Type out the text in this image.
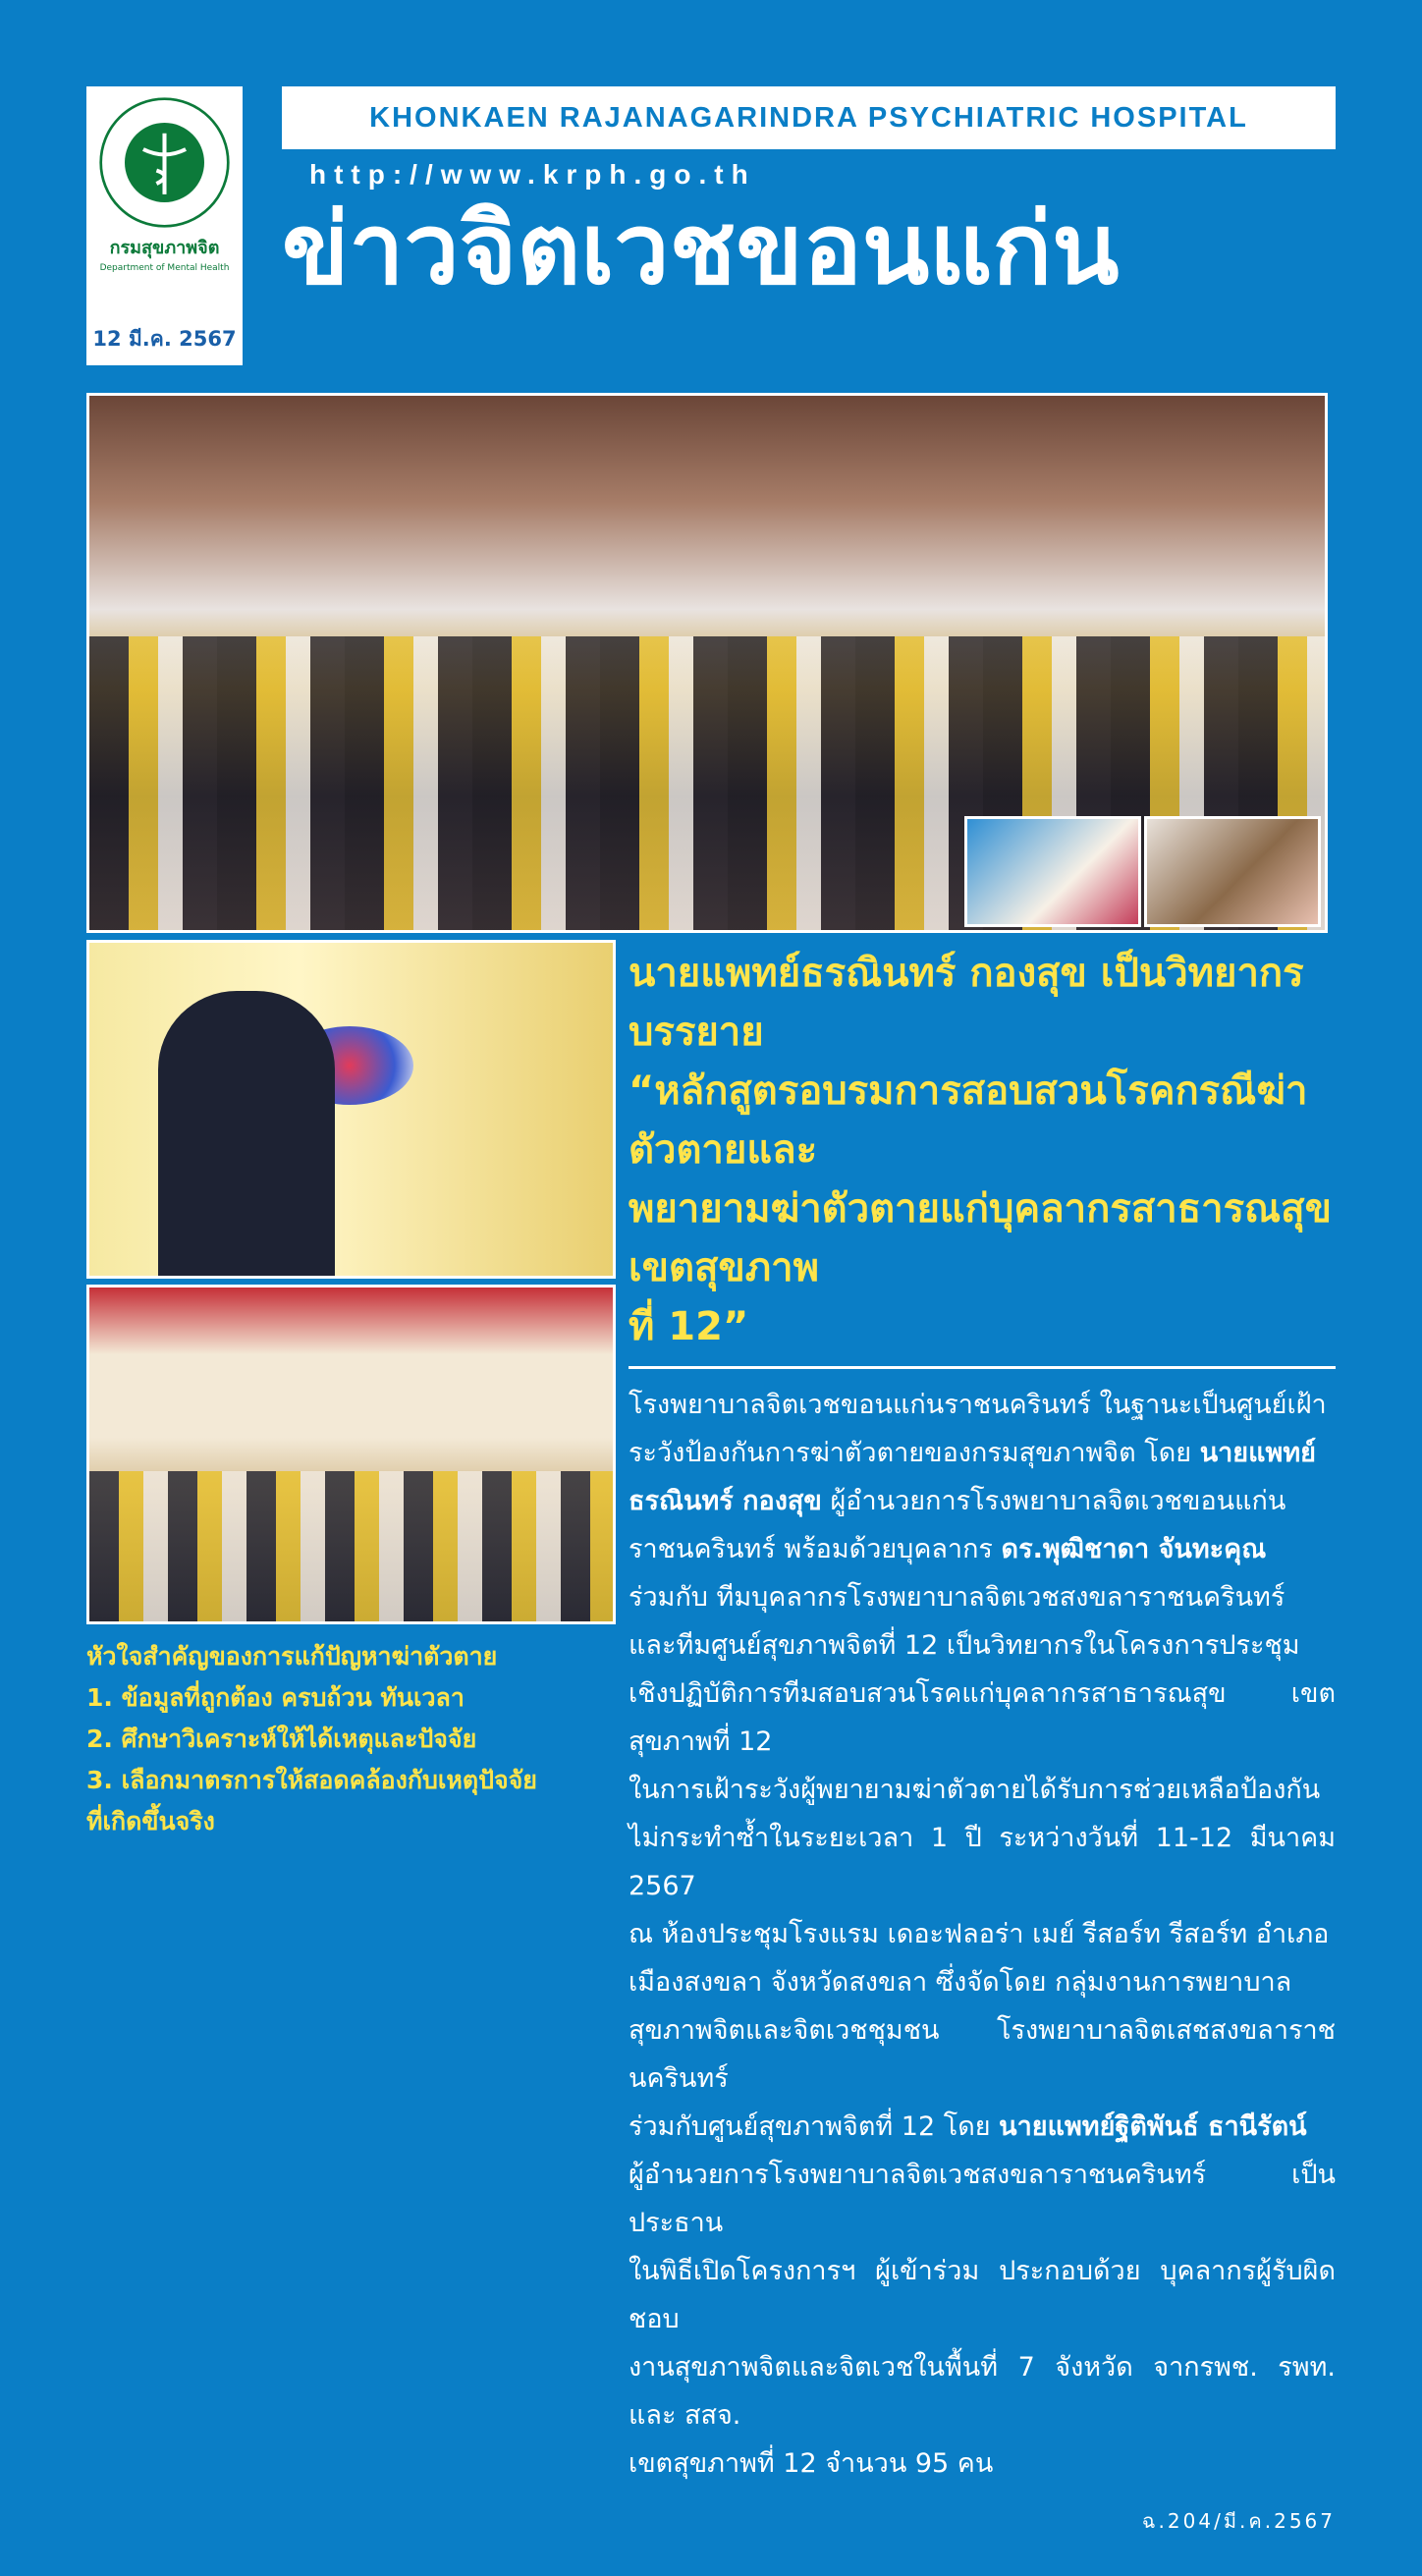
กรมสุขภาพจิต
Department of Mental Health
12 มี.ค. 2567
KHONKAEN RAJANAGARINDRA PSYCHIATRIC HOSPITAL
http://www.krph.go.th
ข่าวจิตเวชขอนแก่น
หัวใจสำคัญของการแก้ปัญหาฆ่าตัวตาย
1. ข้อมูลที่ถูกต้อง ครบถ้วน ทันเวลา
2. ศึกษาวิเคราะห์ให้ได้เหตุและปัจจัย
3. เลือกมาตรการให้สอดคล้องกับเหตุปัจจัย
ที่เกิดขึ้นจริง
นายแพทย์ธรณินทร์ กองสุข เป็นวิทยากรบรรยาย
“หลักสูตรอบรมการสอบสวนโรคกรณีฆ่าตัวตายและ
พยายามฆ่าตัวตายแก่บุคลากรสาธารณสุข เขตสุขภาพ
ที่ 12”
โรงพยาบาลจิตเวชขอนแก่นราชนครินทร์ ในฐานะเป็นศูนย์เฝ้า
ระวังป้องกันการฆ่าตัวตายของกรมสุขภาพจิต โดย นายแพทย์
ธรณินทร์ กองสุข ผู้อำนวยการโรงพยาบาลจิตเวชขอนแก่น
ราชนครินทร์ พร้อมด้วยบุคลากร ดร.พุฒิชาดา จันทะคุณ
ร่วมกับ ทีมบุคลากรโรงพยาบาลจิตเวชสงขลาราชนครินทร์
และทีมศูนย์สุขภาพจิตที่ 12 เป็นวิทยากรในโครงการประชุม
เชิงปฏิบัติการทีมสอบสวนโรคแก่บุคลากรสาธารณสุข เขตสุขภาพที่ 12
ในการเฝ้าระวังผู้พยายามฆ่าตัวตายได้รับการช่วยเหลือป้องกัน
ไม่กระทำซ้ำในระยะเวลา 1 ปี ระหว่างวันที่ 11-12 มีนาคม 2567
ณ ห้องประชุมโรงแรม เดอะฟลอร่า เมย์ รีสอร์ท รีสอร์ท อำเภอ
เมืองสงขลา จังหวัดสงขลา ซึ่งจัดโดย กลุ่มงานการพยาบาล
สุขภาพจิตและจิตเวชชุมชน โรงพยาบาลจิตเสชสงขลาราชนครินทร์
ร่วมกับศูนย์สุขภาพจิตที่ 12 โดย นายแพทย์ฐิติพันธ์ ธานีรัตน์
ผู้อำนวยการโรงพยาบาลจิตเวชสงขลาราชนครินทร์ เป็นประธาน
ในพิธีเปิดโครงการฯ ผู้เข้าร่วม ประกอบด้วย บุคลากรผู้รับผิดชอบ
งานสุขภาพจิตและจิตเวชในพื้นที่ 7 จังหวัด จากรพช. รพท. และ สสจ.
เขตสุขภาพที่ 12 จำนวน 95 คน
ฉ.204/มี.ค.2567
